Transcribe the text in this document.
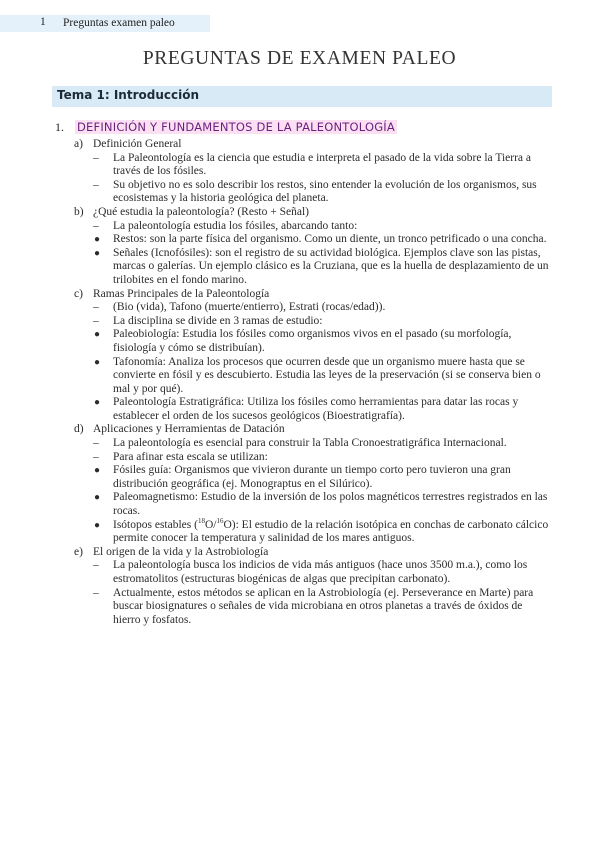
1 Preguntas examen paleo
PREGUNTAS DE EXAMEN PALEO
Tema 1: Introducción
1. DEFINICIÓN Y FUNDAMENTOS DE LA PALEONTOLOGÍA
a) Definición General
– La Paleontología es la ciencia que estudia e interpreta el pasado de la vida sobre la Tierra a través de los fósiles.
– Su objetivo no es solo describir los restos, sino entender la evolución de los organismos, sus ecosistemas y la historia geológica del planeta.
b) ¿Qué estudia la paleontología? (Resto + Señal)
– La paleontología estudia los fósiles, abarcando tanto:
● Restos: son la parte física del organismo. Como un diente, un tronco petrificado o una concha.
● Señales (Icnofósiles): son el registro de su actividad biológica. Ejemplos clave son las pistas, marcas o galerías. Un ejemplo clásico es la Cruziana, que es la huella de desplazamiento de un trilobites en el fondo marino.
c) Ramas Principales de la Paleontología
– (Bio (vida), Tafono (muerte/entierro), Estrati (rocas/edad)).
– La disciplina se divide en 3 ramas de estudio:
● Paleobiología: Estudia los fósiles como organismos vivos en el pasado (su morfología, fisiología y cómo se distribuían).
● Tafonomía: Analiza los procesos que ocurren desde que un organismo muere hasta que se convierte en fósil y es descubierto. Estudia las leyes de la preservación (si se conserva bien o mal y por qué).
● Paleontología Estratigráfica: Utiliza los fósiles como herramientas para datar las rocas y establecer el orden de los sucesos geológicos (Bioestratigrafía).
d) Aplicaciones y Herramientas de Datación
– La paleontología es esencial para construir la Tabla Cronoestratigráfica Internacional.
– Para afinar esta escala se utilizan:
● Fósiles guía: Organismos que vivieron durante un tiempo corto pero tuvieron una gran distribución geográfica (ej. Monograptus en el Silúrico).
● Paleomagnetismo: Estudio de la inversión de los polos magnéticos terrestres registrados en las rocas.
● Isótopos estables ($^{18}$O/$^{16}$O): El estudio de la relación isotópica en conchas de carbonato cálcico permite conocer la temperatura y salinidad de los mares antiguos.
e) El origen de la vida y la Astrobiología
– La paleontología busca los indicios de vida más antiguos (hace unos 3500 m.a.), como los estromatolitos (estructuras biogénicas de algas que precipitan carbonato).
– Actualmente, estos métodos se aplican en la Astrobiología (ej. Perseverance en Marte) para buscar biosignatures o señales de vida microbiana en otros planetas a través de óxidos de hierro y fosfatos.
